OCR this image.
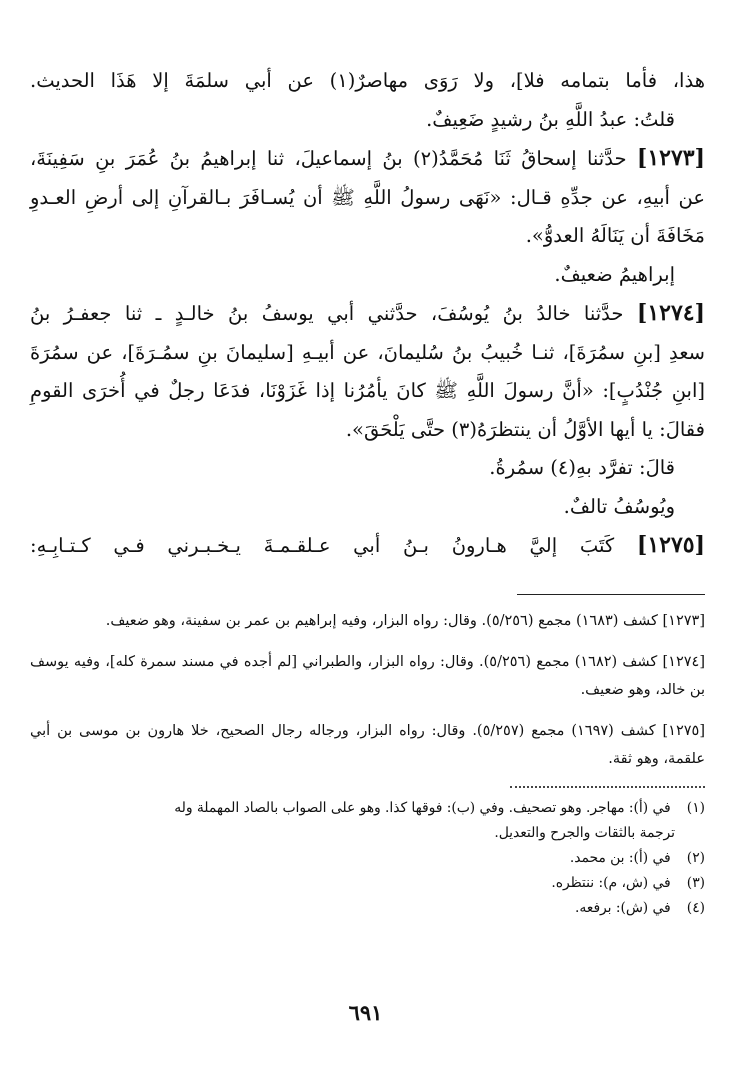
هذا، فأما بتمامه فلا]، ولا رَوَى مهاصرٌ(١) عن أبي سلمَةَ إلا هَذَا الحديث.

قلتُ: عبدُ اللَّهِ بنُ رشيدٍ ضَعِيفٌ.

[١٢٧٣] حدَّثنا إسحاقُ ثَنَا مُحَمَّدُ(٢) بنُ إسماعيلَ، ثنا إبراهيمُ بنُ عُمَرَ بنِ سَفِينَةَ،

عن أبيهِ، عن جدِّهِ قـال: «نَهَى رسولُ اللَّهِ ﷺ أن يُسـافَرَ بـالقرآنِ إلى أرضِ العـدوِ

مَخَافَةَ أن يَنَالَهُ العدوُّ».

إبراهيمُ ضعيفٌ.

[١٢٧٤] حدَّثنا خالدُ بنُ يُوسُفَ، حدَّثني أبي يوسفُ بنُ خالـدٍ ـ ثنا جعفـرُ بنُ

سعدِ [بنِ سمُرَةَ]، ثنـا خُبيبُ بنُ سُليمانَ، عن أبيـهِ [سليمانَ بنِ سمُـرَةَ]، عن سمُرَةَ

[ابنِ جُنْدُبٍ]: «أنَّ رسولَ اللَّهِ ﷺ كانَ يأمُرُنا إذا غَزَوْنَا، فدَعَا رجلٌ في أُخرَى القومِ

فقالَ: يا أيها الأوَّلُ أن ينتظرَهُ(٣) حتَّى يَلْحَقَ».

قالَ: تفرَّد بهِ(٤) سمُرةُ.

ويُوسُفُ تالفٌ.

[١٢٧٥] كَتَبَ إليَّ هـارونُ بـنُ أبي عـلقـمـةَ يـخـبـرني فـي كـتـابِـهِ:

[١٢٧٣] كشف (١٦٨٣) مجمع (٥/٢٥٦). وقال: رواه البزار، وفيه إبراهيم بن عمر بن سفينة، وهو ضعيف.

[١٢٧٤] كشف (١٦٨٢) مجمع (٥/٢٥٦). وقال: رواه البزار، والطبراني [لم أجده في مسند سمرة كله]، وفيه يوسف بن خالد، وهو ضعيف.

[١٢٧٥] كشف (١٦٩٧) مجمع (٥/٢٥٧). وقال: رواه البزار، ورجاله رجال الصحيح، خلا هارون بن موسى بن أبي علقمة، وهو ثقة.

(١) في (أ): مهاجر. وهو تصحيف. وفي (ب): فوقها كذا. وهو على الصواب بالصاد المهملة وله

ترجمة بالثقات والجرح والتعديل.

(٢) في (أ): بن محمد.

(٣) في (ش، م): ننتظره.

(٤) في (ش): برفعه.

٦٩١
